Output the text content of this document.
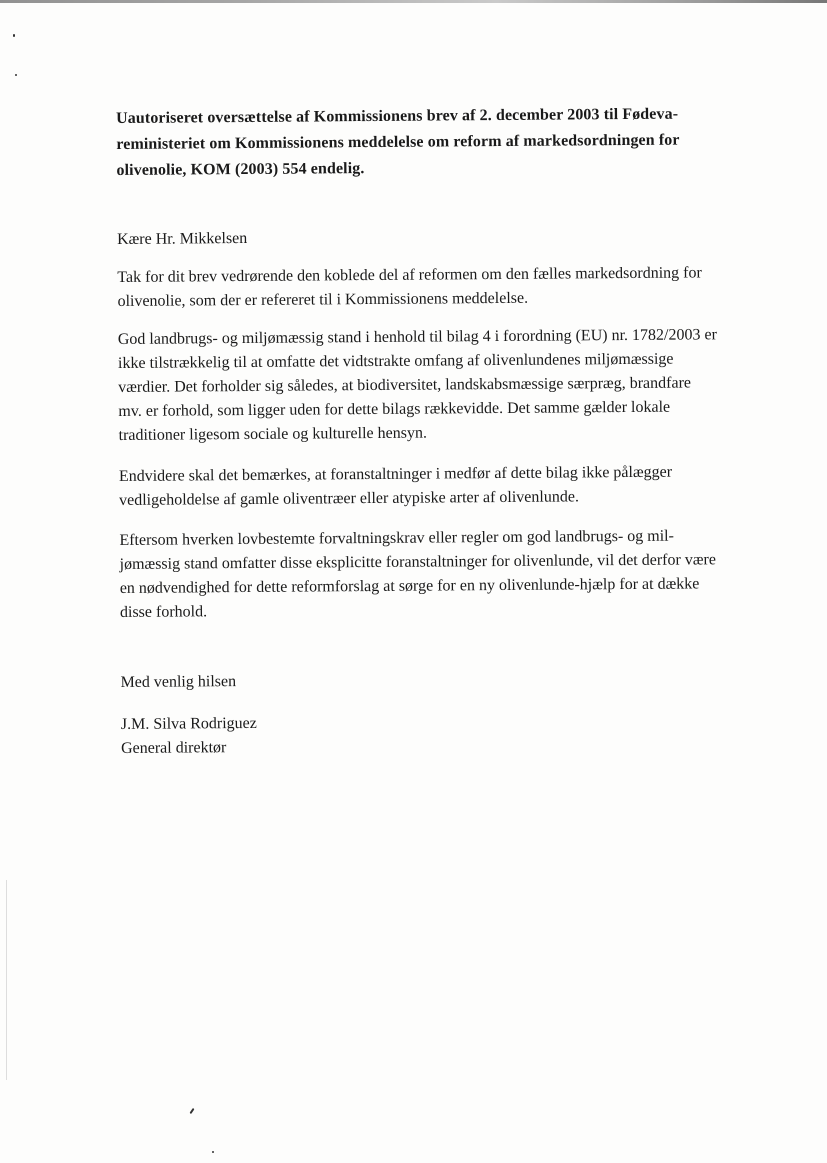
Uautoriseret oversættelse af Kommissionens brev af 2. december 2003 til Fødevareministeriet om Kommissionens meddelelse om reform af markedsordningen for olivenolie, KOM (2003) 554 endelig.

Kære Hr. Mikkelsen

Tak for dit brev vedrørende den koblede del af reformen om den fælles markedsordning for olivenolie, som der er refereret til i Kommissionens meddelelse.

God landbrugs- og miljømæssig stand i henhold til bilag 4 i forordning (EU) nr. 1782/2003 er ikke tilstrækkelig til at omfatte det vidtstrakte omfang af olivenlundenes miljømæssige værdier. Det forholder sig således, at biodiversitet, landskabsmæssige særpræg, brandfare mv. er forhold, som ligger uden for dette bilags rækkevidde. Det samme gælder lokale traditioner ligesom sociale og kulturelle hensyn.

Endvidere skal det bemærkes, at foranstaltninger i medfør af dette bilag ikke pålægger vedligeholdelse af gamle oliventræer eller atypiske arter af olivenlunde.

Eftersom hverken lovbestemte forvaltningskrav eller regler om god landbrugs- og miljømæssig stand omfatter disse eksplicitte foranstaltninger for olivenlunde, vil det derfor være en nødvendighed for dette reformforslag at sørge for en ny olivenlunde-hjælp for at dække disse forhold.

Med venlig hilsen

J.M. Silva Rodriguez

General direktør
